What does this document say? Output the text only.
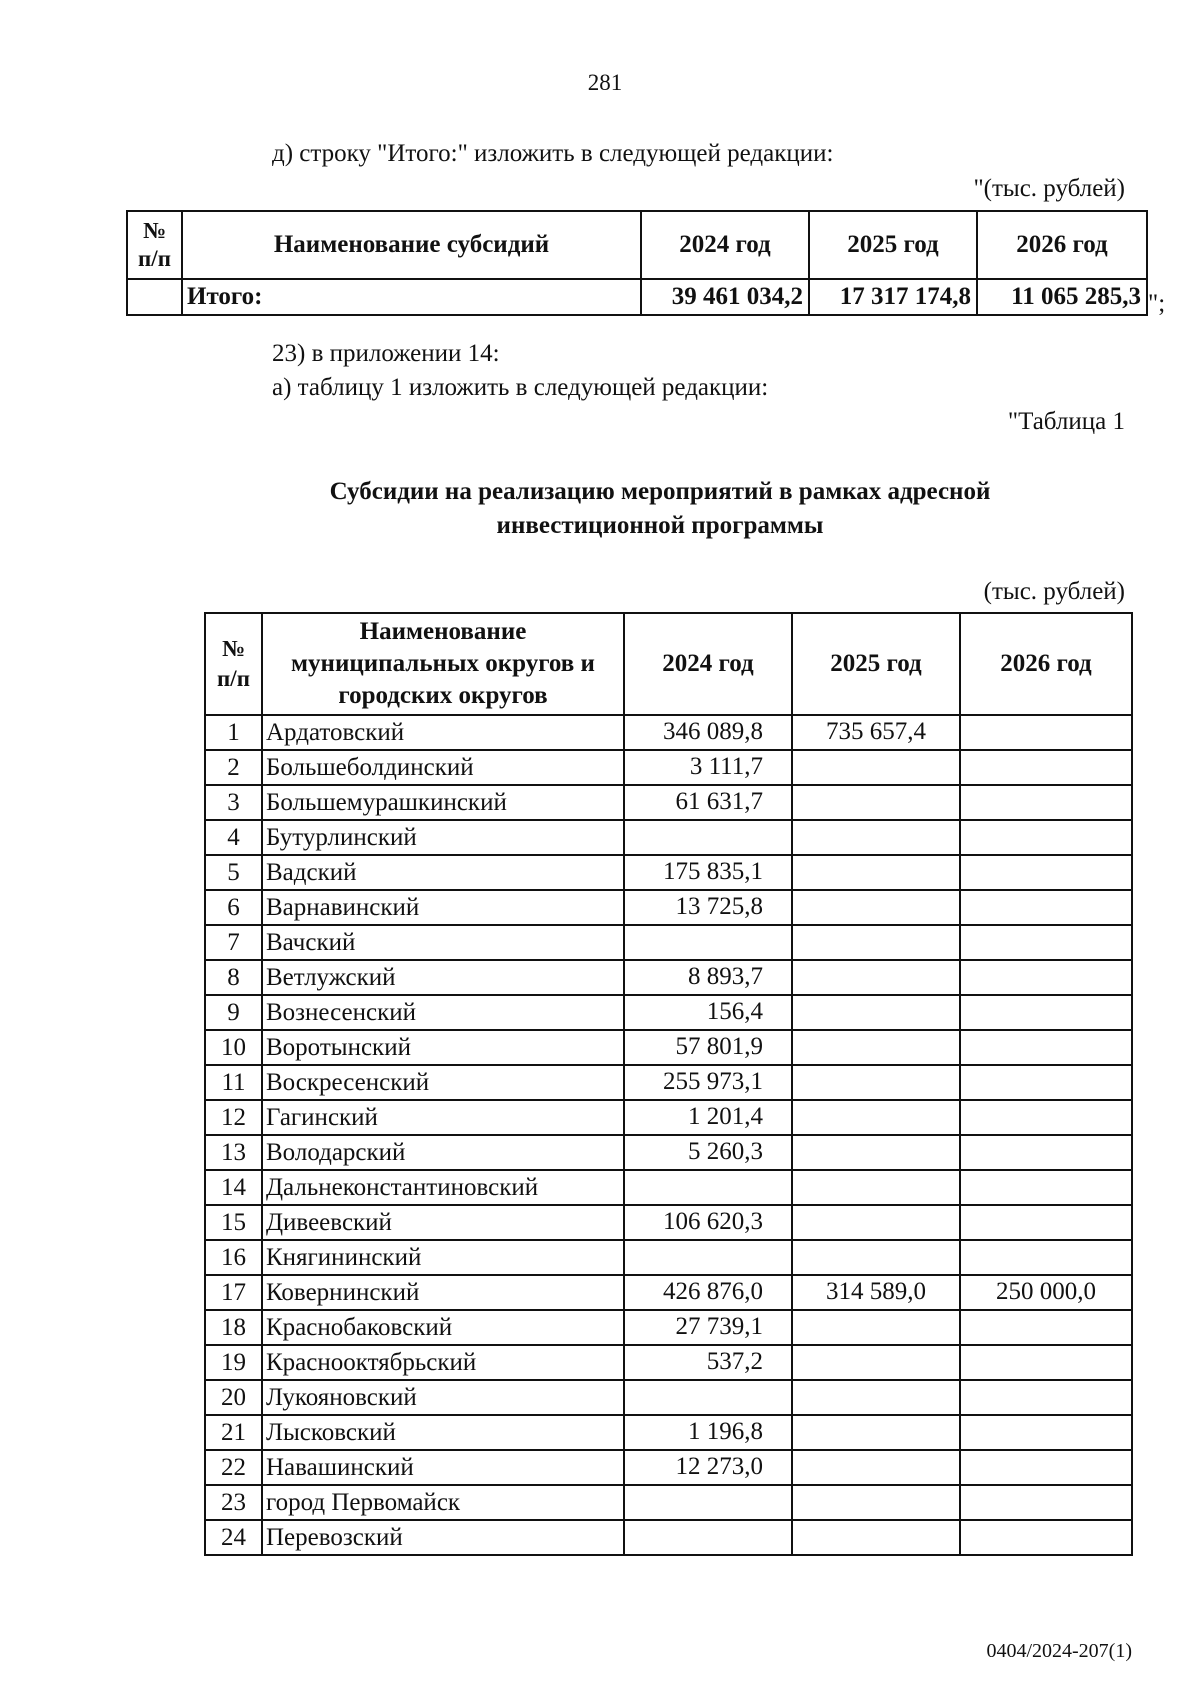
281
д) строку "Итого:" изложить в следующей редакции:
"(тыс. рублей)
№ п/п	Наименование субсидий	2024 год	2025 год	2026 год
	Итого:	39 461 034,2	17 317 174,8	11 065 285,3 ";
23) в приложении 14:
а) таблицу 1 изложить в следующей редакции:
"Таблица 1
Субсидии на реализацию мероприятий в рамках адресной
инвестиционной программы
(тыс. рублей)
№ п/п	Наименование муниципальных округов и городских округов	2024 год	2025 год	2026 год
1	Ардатовский	346 089,8	735 657,4	
2	Большеболдинский	3 111,7		
3	Большемурашкинский	61 631,7		
4	Бутурлинский			
5	Вадский	175 835,1		
6	Варнавинский	13 725,8		
7	Вачский			
8	Ветлужский	8 893,7		
9	Вознесенский	156,4		
10	Воротынский	57 801,9		
11	Воскресенский	255 973,1		
12	Гагинский	1 201,4		
13	Володарский	5 260,3		
14	Дальнеконстантиновский			
15	Дивеевский	106 620,3		
16	Княгининский			
17	Ковернинский	426 876,0	314 589,0	250 000,0
18	Краснобаковский	27 739,1		
19	Краснооктябрьский	537,2		
20	Лукояновский			
21	Лысковский	1 196,8		
22	Навашинский	12 273,0		
23	город Первомайск			
24	Перевозский			
0404/2024-207(1)
